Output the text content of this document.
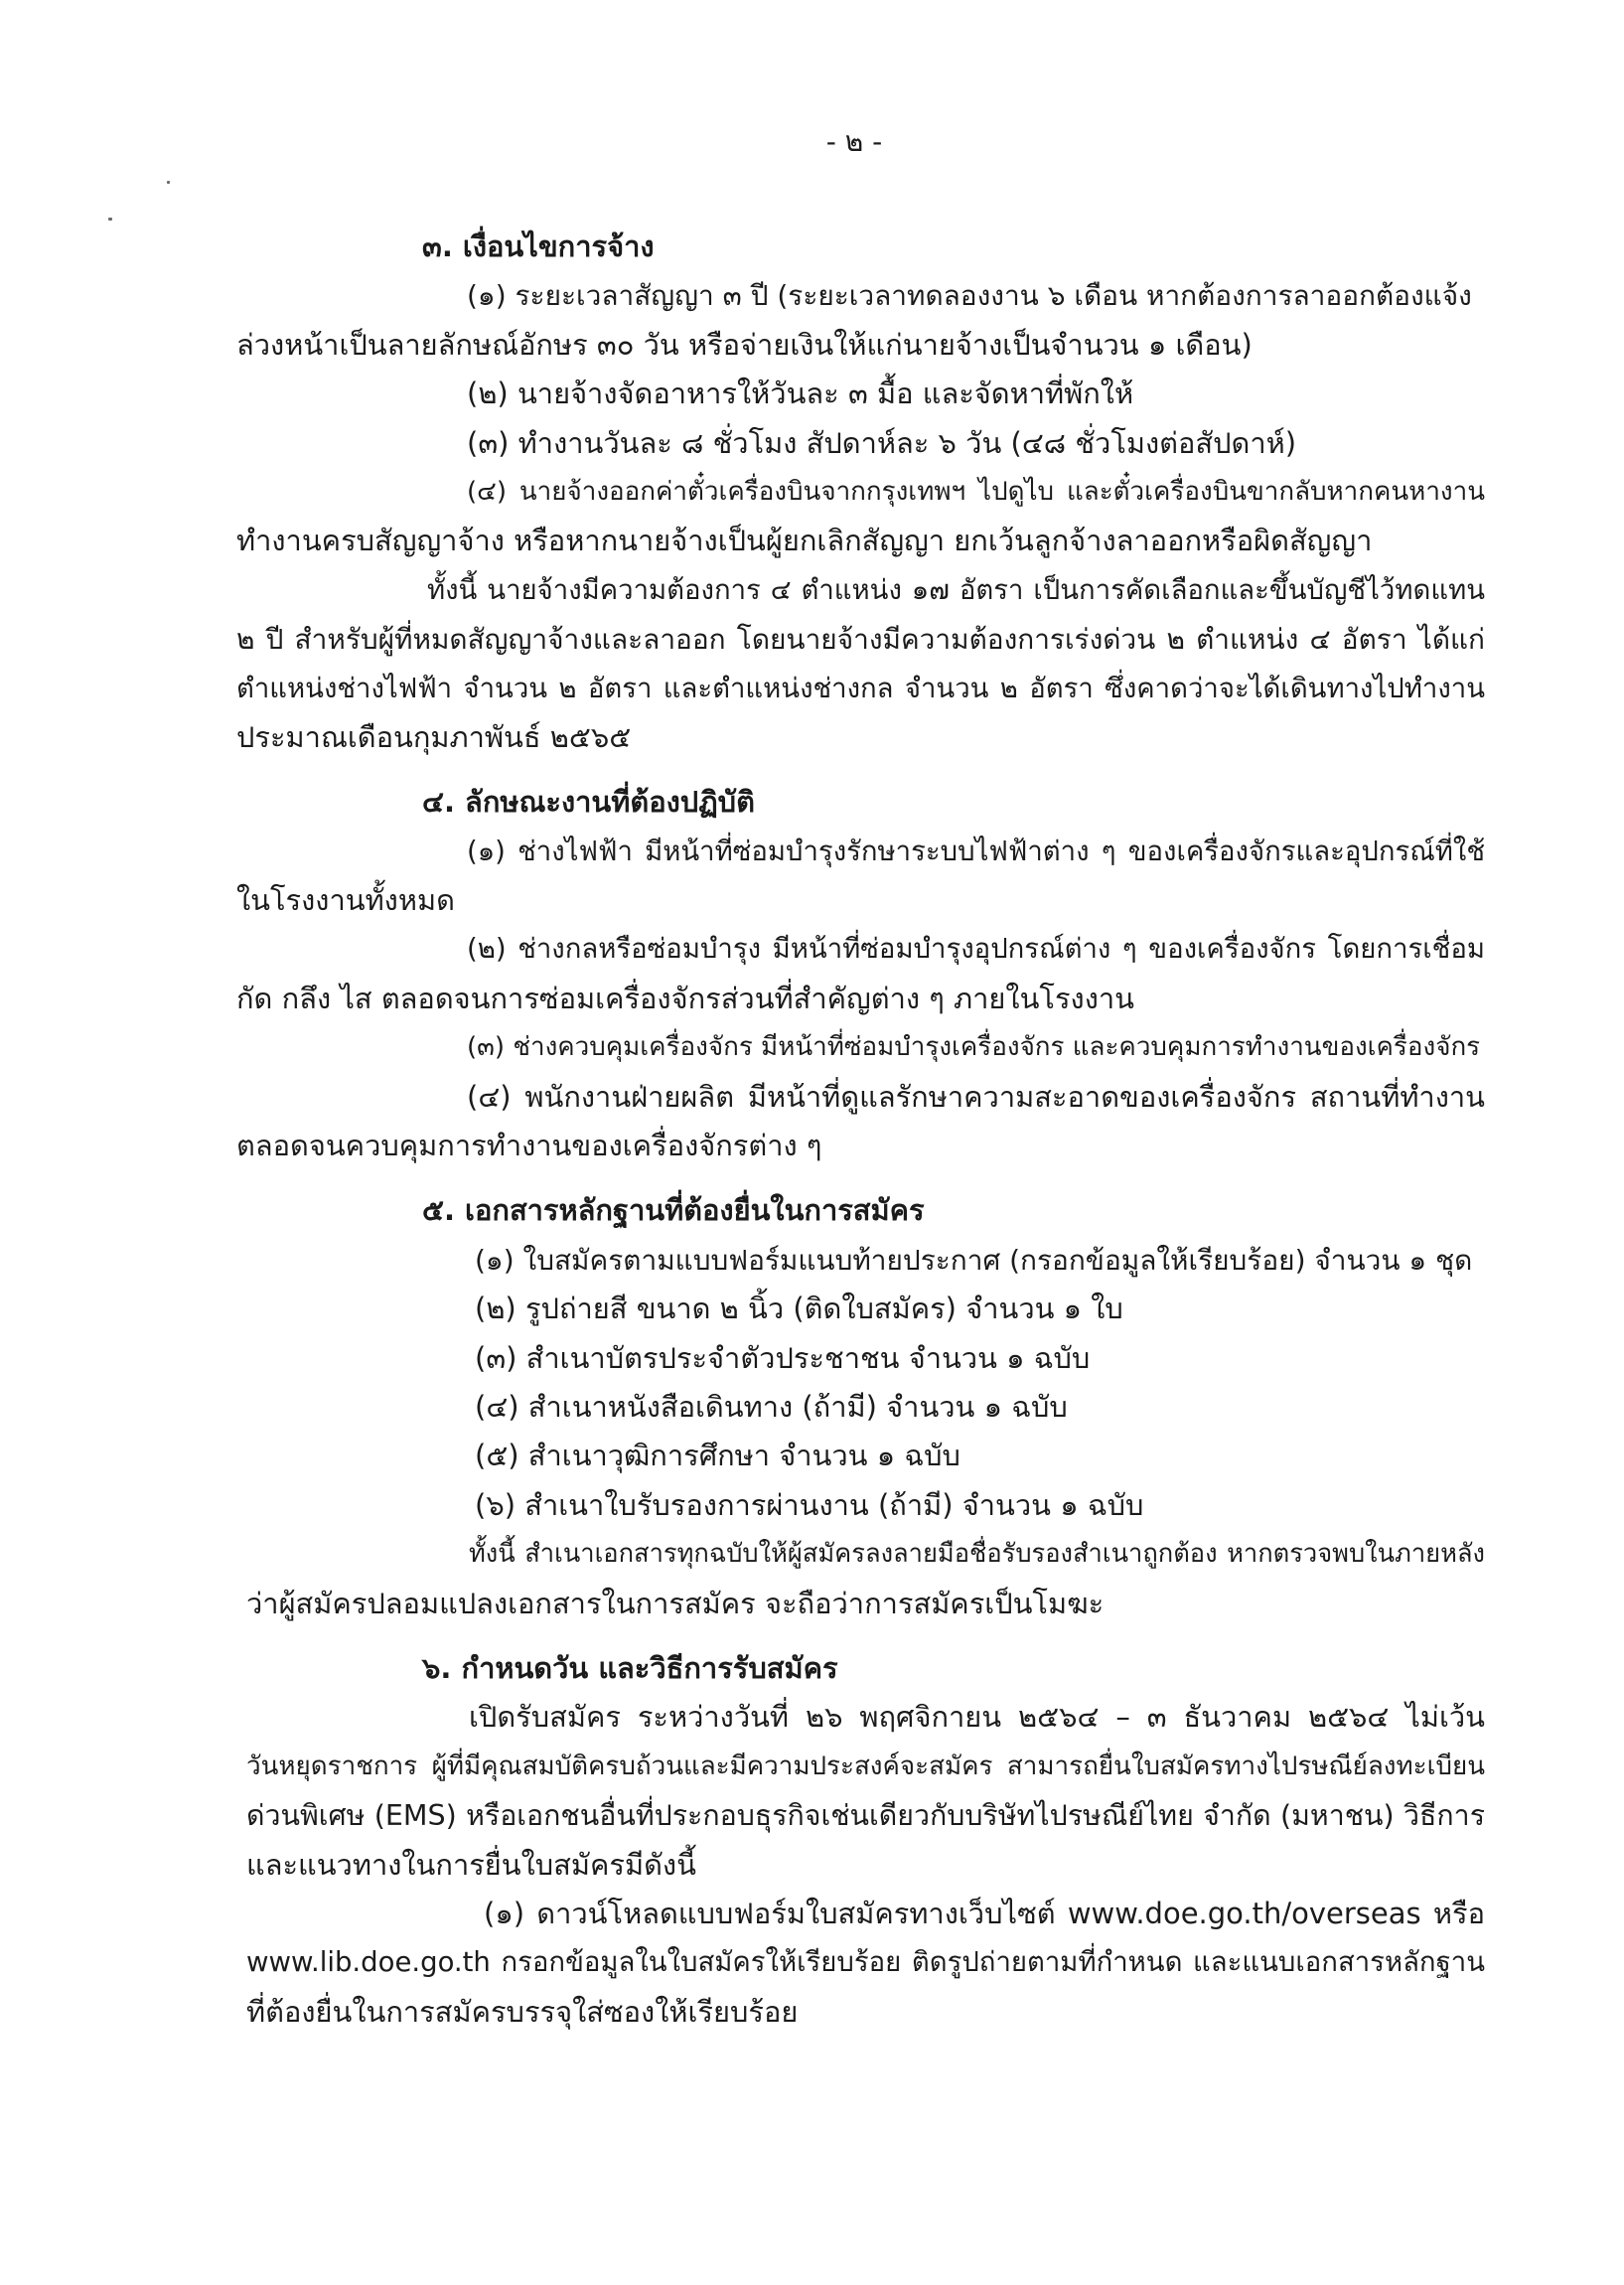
- ๒ -
๓. เงื่อนไขการจ้าง
(๑) ระยะเวลาสัญญา ๓ ปี (ระยะเวลาทดลองงาน ๖ เดือน หากต้องการลาออกต้องแจ้ง
ล่วงหน้าเป็นลายลักษณ์อักษร ๓๐ วัน หรือจ่ายเงินให้แก่นายจ้างเป็นจำนวน ๑ เดือน)
(๒) นายจ้างจัดอาหารให้วันละ ๓ มื้อ และจัดหาที่พักให้
(๓) ทำงานวันละ ๘ ชั่วโมง สัปดาห์ละ ๖ วัน (๔๘ ชั่วโมงต่อสัปดาห์)
(๔) นายจ้างออกค่าตั๋วเครื่องบินจากกรุงเทพฯ ไปดูไบ และตั๋วเครื่องบินขากลับหากคนหางาน
ทำงานครบสัญญาจ้าง หรือหากนายจ้างเป็นผู้ยกเลิกสัญญา ยกเว้นลูกจ้างลาออกหรือผิดสัญญา
ทั้งนี้ นายจ้างมีความต้องการ ๔ ตำแหน่ง ๑๗ อัตรา เป็นการคัดเลือกและขึ้นบัญชีไว้ทดแทน
๒ ปี สำหรับผู้ที่หมดสัญญาจ้างและลาออก โดยนายจ้างมีความต้องการเร่งด่วน ๒ ตำแหน่ง ๔ อัตรา ได้แก่
ตำแหน่งช่างไฟฟ้า จำนวน ๒ อัตรา และตำแหน่งช่างกล จำนวน ๒ อัตรา ซึ่งคาดว่าจะได้เดินทางไปทำงาน
ประมาณเดือนกุมภาพันธ์ ๒๕๖๕
๔. ลักษณะงานที่ต้องปฏิบัติ
(๑) ช่างไฟฟ้า มีหน้าที่ซ่อมบำรุงรักษาระบบไฟฟ้าต่าง ๆ ของเครื่องจักรและอุปกรณ์ที่ใช้
ในโรงงานทั้งหมด
(๒) ช่างกลหรือซ่อมบำรุง มีหน้าที่ซ่อมบำรุงอุปกรณ์ต่าง ๆ ของเครื่องจักร โดยการเชื่อม
กัด กลึง ไส ตลอดจนการซ่อมเครื่องจักรส่วนที่สำคัญต่าง ๆ ภายในโรงงาน
(๓) ช่างควบคุมเครื่องจักร มีหน้าที่ซ่อมบำรุงเครื่องจักร และควบคุมการทำงานของเครื่องจักร
(๔) พนักงานฝ่ายผลิต มีหน้าที่ดูแลรักษาความสะอาดของเครื่องจักร สถานที่ทำงาน
ตลอดจนควบคุมการทำงานของเครื่องจักรต่าง ๆ
๕. เอกสารหลักฐานที่ต้องยื่นในการสมัคร
(๑) ใบสมัครตามแบบฟอร์มแนบท้ายประกาศ (กรอกข้อมูลให้เรียบร้อย) จำนวน ๑ ชุด
(๒) รูปถ่ายสี ขนาด ๒ นิ้ว (ติดใบสมัคร) จำนวน ๑ ใบ
(๓) สำเนาบัตรประจำตัวประชาชน จำนวน ๑ ฉบับ
(๔) สำเนาหนังสือเดินทาง (ถ้ามี) จำนวน ๑ ฉบับ
(๕) สำเนาวุฒิการศึกษา จำนวน ๑ ฉบับ
(๖) สำเนาใบรับรองการผ่านงาน (ถ้ามี) จำนวน ๑ ฉบับ
ทั้งนี้ สำเนาเอกสารทุกฉบับให้ผู้สมัครลงลายมือชื่อรับรองสำเนาถูกต้อง หากตรวจพบในภายหลัง
ว่าผู้สมัครปลอมแปลงเอกสารในการสมัคร จะถือว่าการสมัครเป็นโมฆะ
๖. กำหนดวัน และวิธีการรับสมัคร
เปิดรับสมัคร ระหว่างวันที่ ๒๖ พฤศจิกายน ๒๕๖๔ – ๓ ธันวาคม ๒๕๖๔ ไม่เว้น
วันหยุดราชการ ผู้ที่มีคุณสมบัติครบถ้วนและมีความประสงค์จะสมัคร สามารถยื่นใบสมัครทางไปรษณีย์ลงทะเบียน
ด่วนพิเศษ (EMS) หรือเอกชนอื่นที่ประกอบธุรกิจเช่นเดียวกับบริษัทไปรษณีย์ไทย จำกัด (มหาชน) วิธีการ
และแนวทางในการยื่นใบสมัครมีดังนี้
(๑) ดาวน์โหลดแบบฟอร์มใบสมัครทางเว็บไซต์ www.doe.go.th/overseas หรือ
www.lib.doe.go.th กรอกข้อมูลในใบสมัครให้เรียบร้อย ติดรูปถ่ายตามที่กำหนด และแนบเอกสารหลักฐาน
ที่ต้องยื่นในการสมัครบรรจุใส่ซองให้เรียบร้อย
